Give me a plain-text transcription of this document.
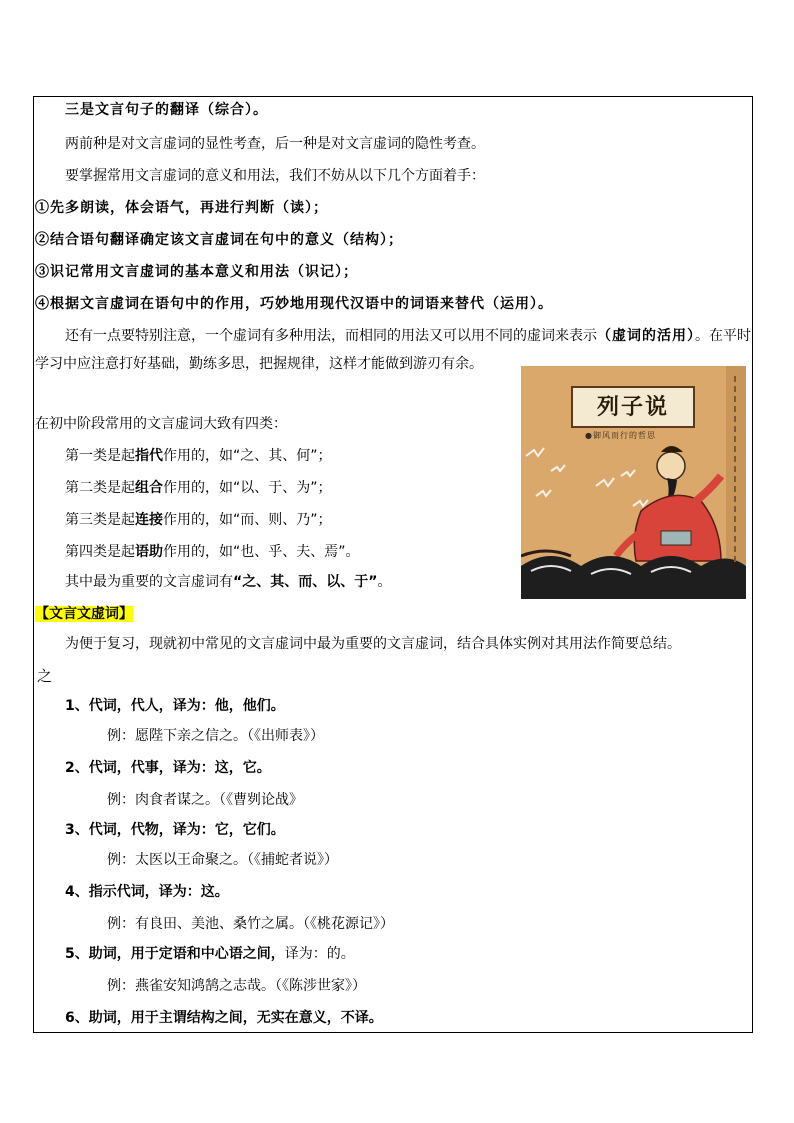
三是文言句子的翻译（综合）。
两前种是对文言虚词的显性考查，后一种是对文言虚词的隐性考查。
要掌握常用文言虚词的意义和用法，我们不妨从以下几个方面着手：
①先多朗读，体会语气，再进行判断（读）；
②结合语句翻译确定该文言虚词在句中的意义（结构）；
③识记常用文言虚词的基本意义和用法（识记）；
④根据文言虚词在语句中的作用，巧妙地用现代汉语中的词语来替代（运用）。
还有一点要特别注意，一个虚词有多种用法，而相同的用法又可以用不同的虚词来表示（虚词的活用）。在平时
学习中应注意打好基础，勤练多思，把握规律，这样才能做到游刃有余。
列子说
●御风而行的哲思
在初中阶段常用的文言虚词大致有四类：
第一类是起指代作用的，如“之、其、何”；
第二类是起组合作用的，如“以、于、为”；
第三类是起连接作用的，如“而、则、乃”；
第四类是起语助作用的，如“也、乎、夫、焉”。
其中最为重要的文言虚词有“之、其、而、以、于”。
【文言文虚词】
为便于复习，现就初中常见的文言虚词中最为重要的文言虚词，结合具体实例对其用法作简要总结。
之
1、代词，代人，译为：他，他们。
例：愿陛下亲之信之。（《出师表》）
2、代词，代事，译为：这，它。
例：肉食者谋之。（《曹刿论战》
3、代词，代物，译为：它，它们。
例：太医以王命聚之。（《捕蛇者说》）
4、指示代词，译为：这。
例：有良田、美池、桑竹之属。（《桃花源记》）
5、助词，用于定语和中心语之间，译为：的。
例：燕雀安知鸿鹄之志哉。（《陈涉世家》）
6、助词，用于主谓结构之间，无实在意义，不译。
